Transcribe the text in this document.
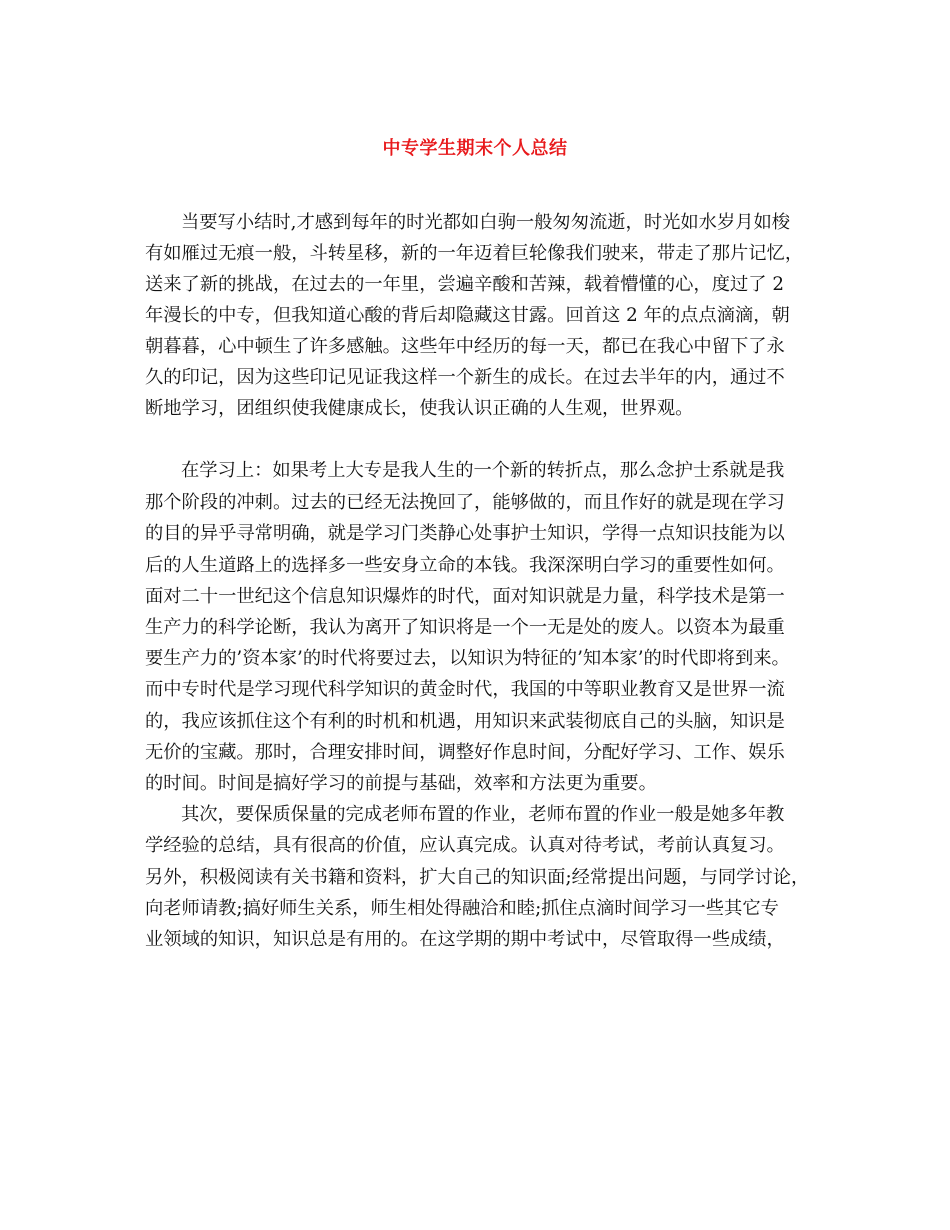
中专学生期末个人总结
当要写小结时,才感到每年的时光都如白驹一般匆匆流逝，时光如水岁月如梭
有如雁过无痕一般，斗转星移，新的一年迈着巨轮像我们驶来，带走了那片记忆，
送来了新的挑战，在过去的一年里，尝遍辛酸和苦辣，载着懵懂的心，度过了 2
年漫长的中专，但我知道心酸的背后却隐藏这甘露。回首这 2 年的点点滴滴，朝
朝暮暮，心中顿生了许多感触。这些年中经历的每一天，都已在我心中留下了永
久的印记，因为这些印记见证我这样一个新生的成长。在过去半年的内，通过不
断地学习，团组织使我健康成长，使我认识正确的人生观，世界观。
在学习上：如果考上大专是我人生的一个新的转折点，那么念护士系就是我
那个阶段的冲刺。过去的已经无法挽回了，能够做的，而且作好的就是现在学习
的目的异乎寻常明确，就是学习门类静心处事护士知识，学得一点知识技能为以
后的人生道路上的选择多一些安身立命的本钱。我深深明白学习的重要性如何。
面对二十一世纪这个信息知识爆炸的时代，面对知识就是力量，科学技术是第一
生产力的科学论断，我认为离开了知识将是一个一无是处的废人。以资本为最重
要生产力的’资本家’的时代将要过去，以知识为特征的’知本家’的时代即将到来。
而中专时代是学习现代科学知识的黄金时代，我国的中等职业教育又是世界一流
的，我应该抓住这个有利的时机和机遇，用知识来武装彻底自己的头脑，知识是
无价的宝藏。那时，合理安排时间，调整好作息时间，分配好学习、工作、娱乐
的时间。时间是搞好学习的前提与基础，效率和方法更为重要。
其次，要保质保量的完成老师布置的作业，老师布置的作业一般是她多年教
学经验的总结，具有很高的价值，应认真完成。认真对待考试，考前认真复习。
另外，积极阅读有关书籍和资料，扩大自己的知识面;经常提出问题，与同学讨论，
向老师请教;搞好师生关系，师生相处得融洽和睦;抓住点滴时间学习一些其它专
业领域的知识，知识总是有用的。在这学期的期中考试中，尽管取得一些成绩，
